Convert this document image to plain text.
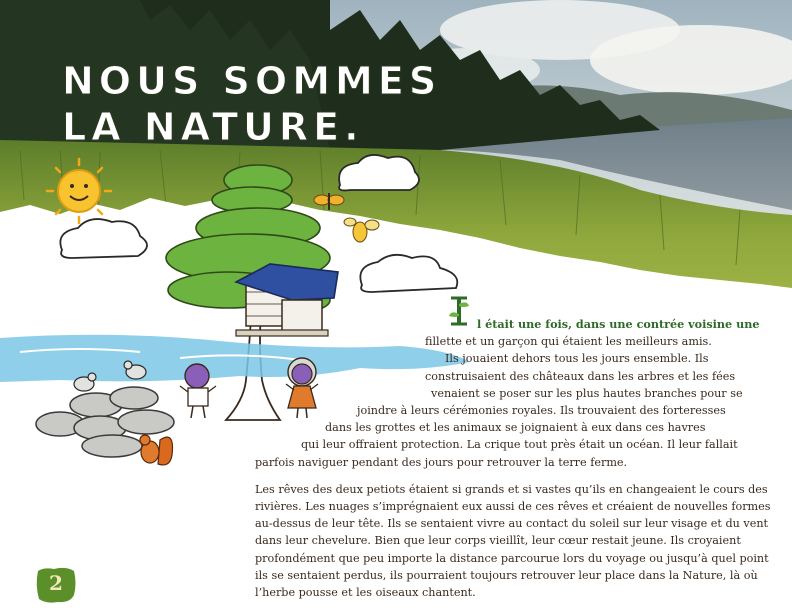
NOUS SOMMES
LA NATURE.

l était une fois, dans une contrée voisine une
fillette et un garçon qui étaient les meilleurs amis.
Ils jouaient dehors tous les jours ensemble. Ils
construisaient des châteaux dans les arbres et les fées
venaient se poser sur les plus hautes branches pour se
joindre à leurs cérémonies royales. Ils trouvaient des forteresses
dans les grottes et les animaux se joignaient à eux dans ces havres
qui leur offraient protection. La crique tout près était un océan. Il leur fallait
parfois naviguer pendant des jours pour retrouver la terre ferme.

Les rêves des deux petiots étaient si grands et si vastes qu’ils en changeaient le cours des
rivières. Les nuages s’imprégnaient eux aussi de ces rêves et créaient de nouvelles formes
au-dessus de leur tête. Ils se sentaient vivre au contact du soleil sur leur visage et du vent
dans leur chevelure. Bien que leur corps vieillît, leur cœur restait jeune. Ils croyaient
profondément que peu importe la distance parcourue lors du voyage ou jusqu’à quel point
ils se sentaient perdus, ils pourraient toujours retrouver leur place dans la Nature, là où
l’herbe pousse et les oiseaux chantent.

2
